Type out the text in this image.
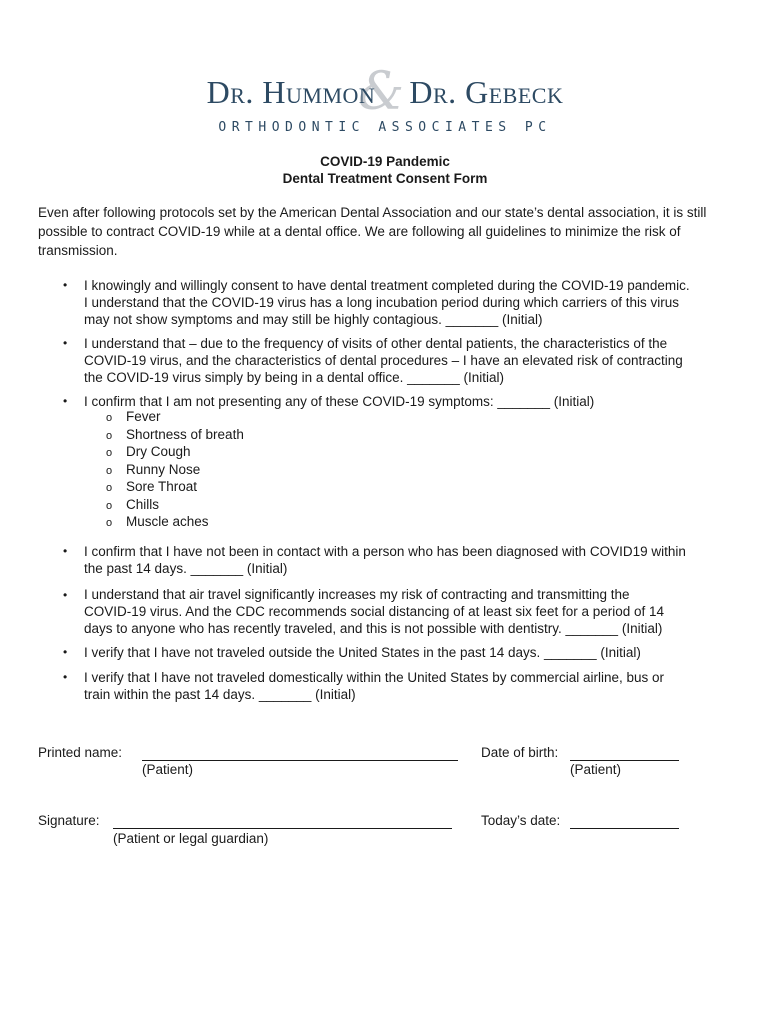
&
Dr. Hummon Dr. Gebeck
ORTHODONTIC ASSOCIATES PC
COVID-19 Pandemic
Dental Treatment Consent Form
Even after following protocols set by the American Dental Association and our state’s dental association, it is still possible to contract COVID-19 while at a dental office. We are following all guidelines to minimize the risk of transmission.
•	I knowingly and willingly consent to have dental treatment completed during the COVID-19 pandemic.
I understand that the COVID-19 virus has a long incubation period during which carriers of this virus
may not show symptoms and may still be highly contagious. _______ (Initial)
•	I understand that – due to the frequency of visits of other dental patients, the characteristics of the
COVID-19 virus, and the characteristics of dental procedures – I have an elevated risk of contracting
the COVID-19 virus simply by being in a dental office. _______ (Initial)
•	I confirm that I am not presenting any of these COVID-19 symptoms: _______ (Initial)
o Fever
o Shortness of breath
o Dry Cough
o Runny Nose
o Sore Throat
o Chills
o Muscle aches
•	I confirm that I have not been in contact with a person who has been diagnosed with COVID19 within
the past 14 days. _______ (Initial)
•	I understand that air travel significantly increases my risk of contracting and transmitting the
COVID-19 virus. And the CDC recommends social distancing of at least six feet for a period of 14
days to anyone who has recently traveled, and this is not possible with dentistry. _______ (Initial)
•	I verify that I have not traveled outside the United States in the past 14 days. _______ (Initial)
•	I verify that I have not traveled domestically within the United States by commercial airline, bus or
train within the past 14 days. _______ (Initial)
Printed name:
(Patient)
Date of birth:
(Patient)
Signature:
(Patient or legal guardian)
Today’s date:
